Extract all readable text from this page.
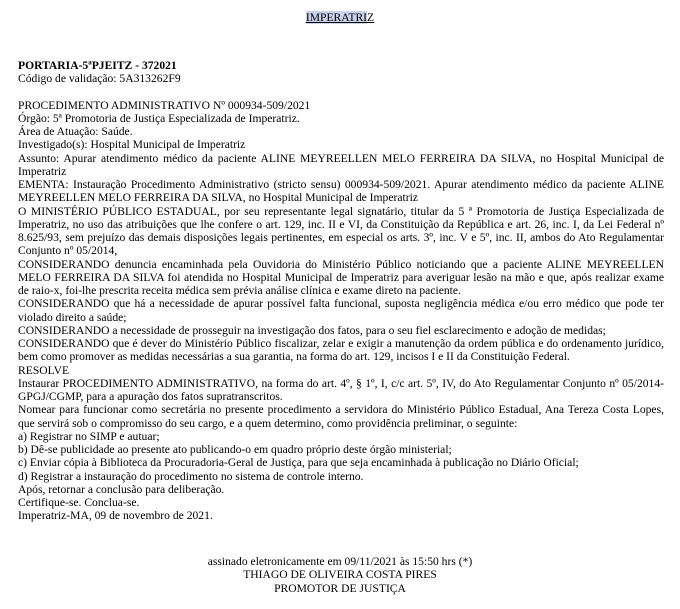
IMPERATRIZ
PORTARIA-5ªPJEITZ - 372021
Código de validação: 5A313262F9
PROCEDIMENTO ADMINISTRATIVO Nº 000934-509/2021
Órgão: 5ª Promotoria de Justiça Especializada de Imperatriz.
Área de Atuação: Saúde.
Investigado(s): Hospital Municipal de Imperatriz
Assunto: Apurar atendimento médico da paciente ALINE MEYREELLEN MELO FERREIRA DA SILVA, no Hospital Municipal de Imperatriz
EMENTA: Instauração Procedimento Administrativo (stricto sensu) 000934-509/2021. Apurar atendimento médico da paciente ALINE MEYREELLEN MELO FERREIRA DA SILVA, no Hospital Municipal de Imperatriz
O MINISTÉRIO PÚBLICO ESTADUAL, por seu representante legal signatário, titular da 5 ª Promotoria de Justiça Especializada de Imperatriz, no uso das atribuições que lhe confere o art. 129, inc. II e VI, da Constituição da República e art. 26, inc. I, da Lei Federal nº 8.625/93, sem prejuízo das demais disposições legais pertinentes, em especial os arts. 3º, inc. V e 5º, inc. II, ambos do Ato Regulamentar Conjunto nº 05/2014,
CONSIDERANDO denuncia encaminhada pela Ouvidoria do Ministério Público noticiando que a paciente ALINE MEYREELLEN MELO FERREIRA DA SILVA foi atendida no Hospital Municipal de Imperatriz para averiguar lesão na mão e que, após realizar exame de raio-x, foi-lhe prescrita receita médica sem prévia análise clínica e exame direto na paciente.
CONSIDERANDO que há a necessidade de apurar possível falta funcional, suposta negligência médica e/ou erro médico que pode ter violado direito a saúde;
CONSIDERANDO a necessidade de prosseguir na investigação dos fatos, para o seu fiel esclarecimento e adoção de medidas;
CONSIDERANDO que é dever do Ministério Público fiscalizar, zelar e exigir a manutenção da ordem pública e do ordenamento jurídico, bem como promover as medidas necessárias a sua garantia, na forma do art. 129, incisos I e II da Constituição Federal.
RESOLVE
Instaurar PROCEDIMENTO ADMINISTRATIVO, na forma do art. 4º, § 1º, I, c/c art. 5º, IV, do Ato Regulamentar Conjunto nº 05/2014-GPGJ/CGMP, para a apuração dos fatos supratranscritos.
Nomear para funcionar como secretária no presente procedimento a servidora do Ministério Público Estadual, Ana Tereza Costa Lopes, que servirá sob o compromisso do seu cargo, e a quem determino, como providência preliminar, o seguinte:
a) Registrar no SIMP e autuar;
b) Dê-se publicidade ao presente ato publicando-o em quadro próprio deste órgão ministerial;
c) Enviar cópia à Biblioteca da Procuradoria-Geral de Justiça, para que seja encaminhada à publicação no Diário Oficial;
d) Registrar a instauração do procedimento no sistema de controle interno.
Após, retornar a conclusão para deliberação.
Certifique-se. Conclua-se.
Imperatriz-MA, 09 de novembro de 2021.
assinado eletronicamente em 09/11/2021 às 15:50 hrs (*)
THIAGO DE OLIVEIRA COSTA PIRES
PROMOTOR DE JUSTIÇA
